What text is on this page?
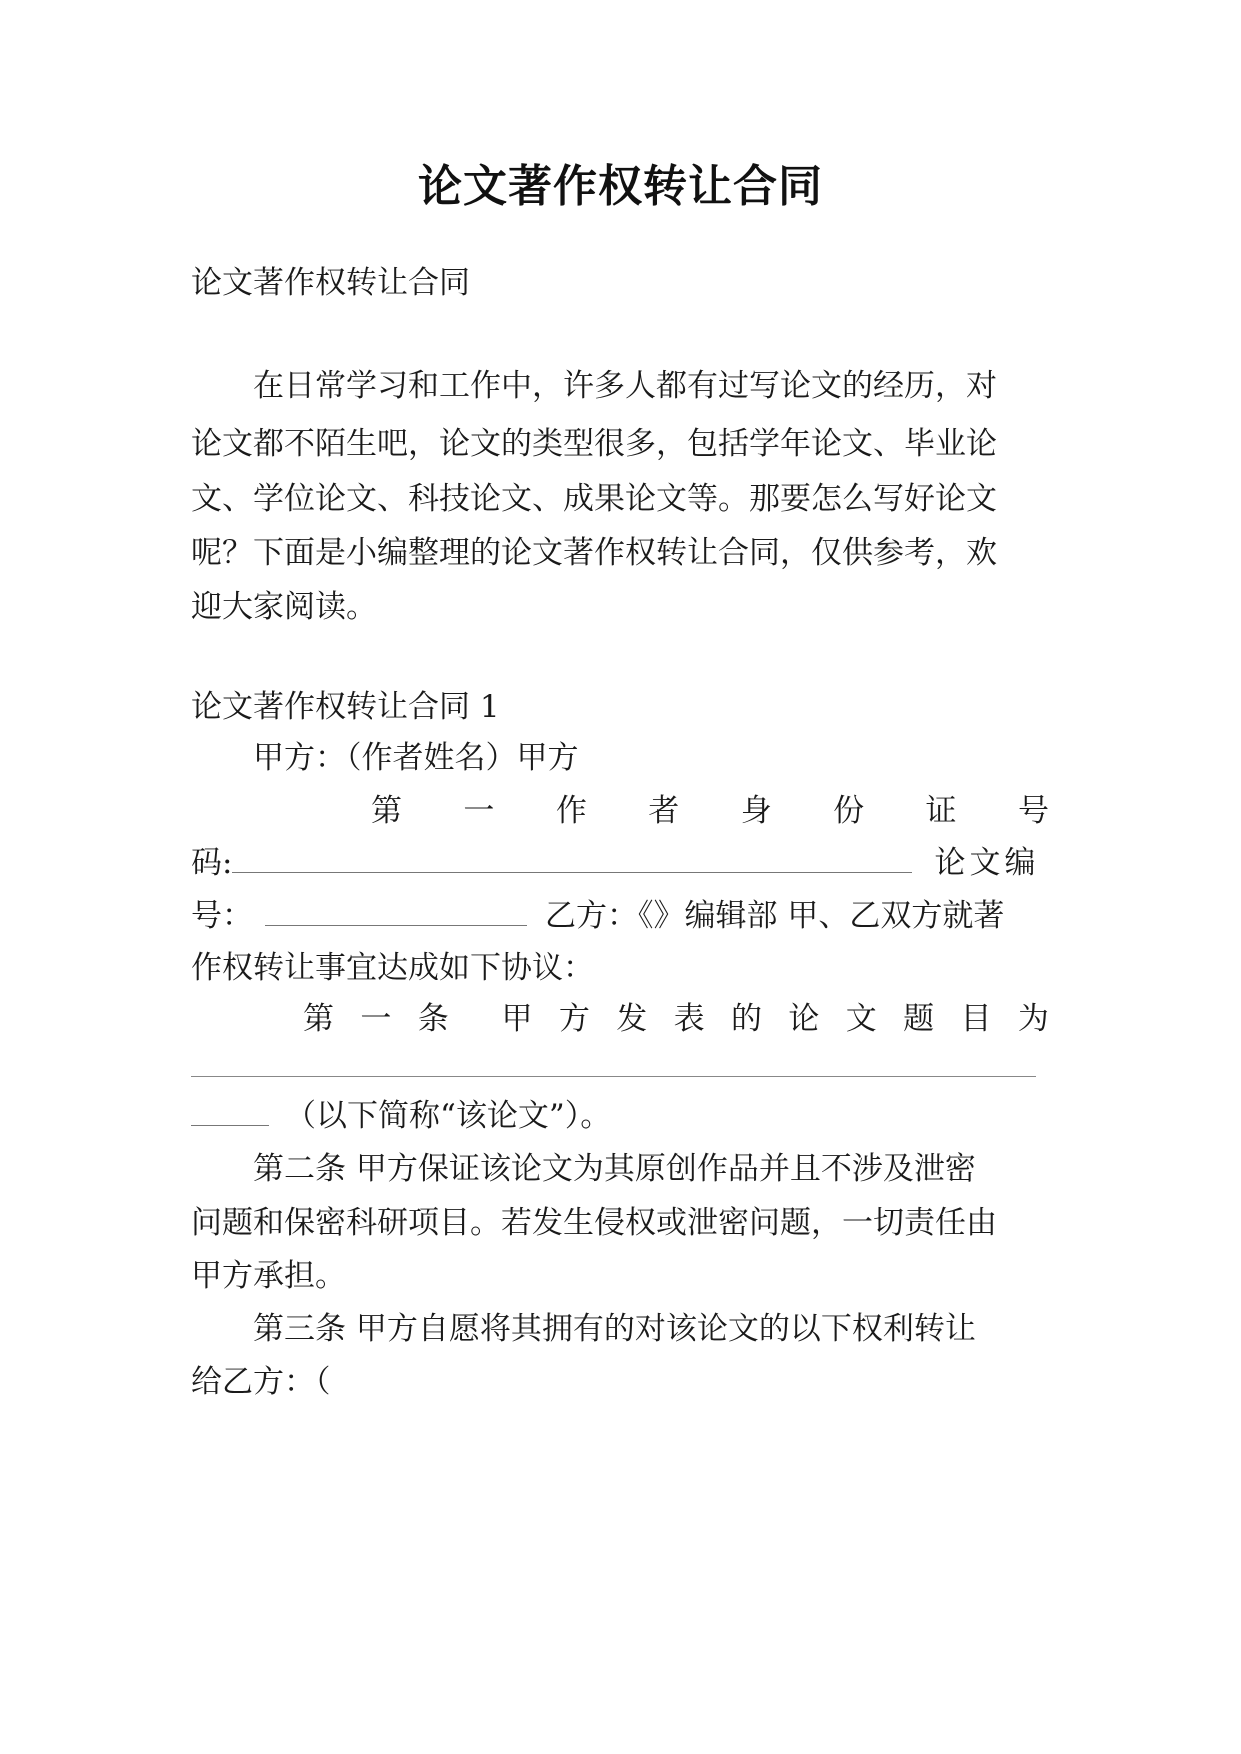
论文著作权转让合同
论文著作权转让合同
在日常学习和工作中，许多人都有过写论文的经历，对
论文都不陌生吧，论文的类型很多，包括学年论文、毕业论
文、学位论文、科技论文、成果论文等。那要怎么写好论文
呢？下面是小编整理的论文著作权转让合同，仅供参考，欢
迎大家阅读。
论文著作权转让合同 1
甲方：（作者姓名）甲方
第 一 作 者 身 份 证 号
码:	论文编
号：	乙方：《》编辑部 甲、乙双方就著
作权转让事宜达成如下协议：
第 一 条 甲 方 发 表 的 论 文 题 目 为
（以下简称“该论文”）。
第二条 甲方保证该论文为其原创作品并且不涉及泄密
问题和保密科研项目。若发生侵权或泄密问题，一切责任由
甲方承担。
第三条 甲方自愿将其拥有的对该论文的以下权利转让
给乙方：（
